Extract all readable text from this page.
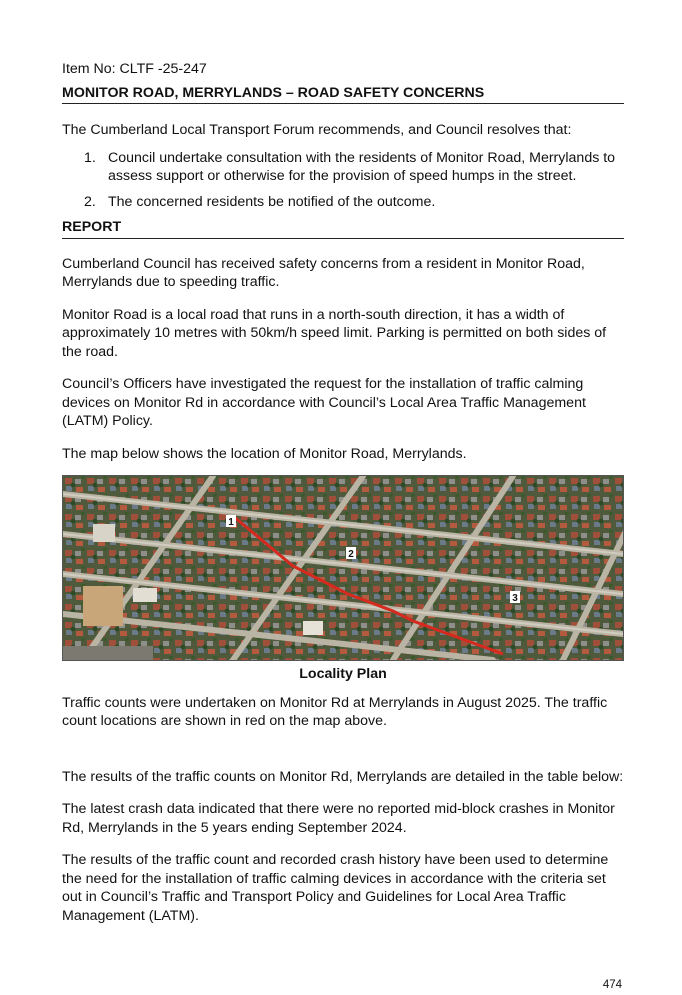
Item No: CLTF -25-247

MONITOR ROAD, MERRYLANDS – ROAD SAFETY CONCERNS

The Cumberland Local Transport Forum recommends, and Council resolves that:

1. Council undertake consultation with the residents of Monitor Road, Merrylands to assess support or otherwise for the provision of speed humps in the street.
2. The concerned residents be notified of the outcome.

REPORT

Cumberland Council has received safety concerns from a resident in Monitor Road, Merrylands due to speeding traffic.

Monitor Road is a local road that runs in a north-south direction, it has a width of approximately 10 metres with 50km/h speed limit. Parking is permitted on both sides of the road.

Council’s Officers have investigated the request for the installation of traffic calming devices on Monitor Rd in accordance with Council’s Local Area Traffic Management (LATM) Policy.

The map below shows the location of Monitor Road, Merrylands.

1
2
3

Locality Plan

Traffic counts were undertaken on Monitor Rd at Merrylands in August 2025. The traffic count locations are shown in red on the map above.

The results of the traffic counts on Monitor Rd, Merrylands are detailed in the table below:

The latest crash data indicated that there were no reported mid-block crashes in Monitor Rd, Merrylands in the 5 years ending September 2024.

The results of the traffic count and recorded crash history have been used to determine the need for the installation of traffic calming devices in accordance with the criteria set out in Council’s Traffic and Transport Policy and Guidelines for Local Area Traffic Management (LATM).

474
